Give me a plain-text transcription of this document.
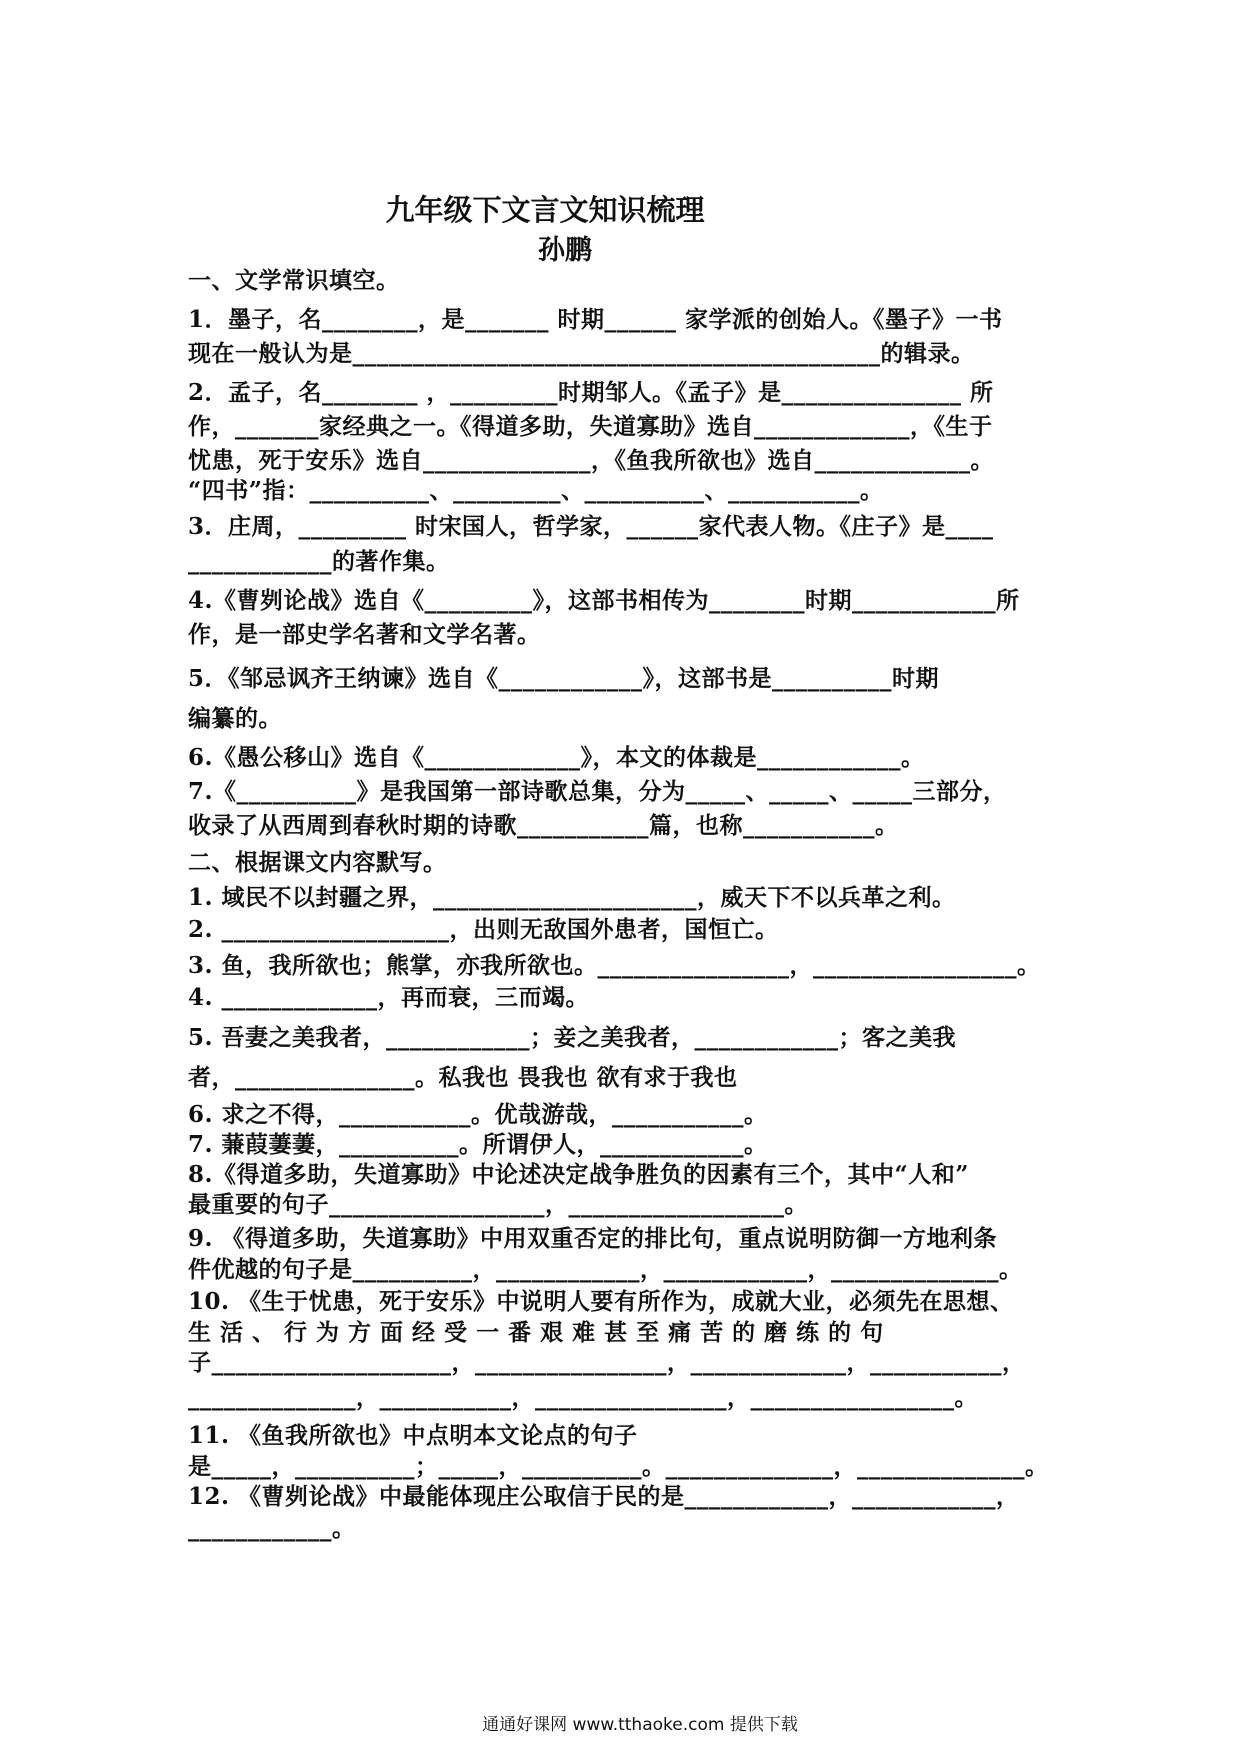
九年级下文言文知识梳理
孙鹏
一、文学常识填空。
1．墨子，名________，是_______ 时期______ 家学派的创始人。《墨子》一书
现在一般认为是____________________________________________的辑录。
2．孟子，名________ ，_________时期邹人。《孟子》是_______________ 所
作，_______家经典之一。《得道多助，失道寡助》选自_____________，《生于
忧患，死于安乐》选自______________，《鱼我所欲也》选自_____________。
“四书”指：__________、_________、__________、___________。
3．庄周，_________ 时宋国人，哲学家，______家代表人物。《庄子》是____
____________的著作集。
4.《曹刿论战》选自《_________》，这部书相传为________时期____________所
作，是一部史学名著和文学名著。
5．《邹忌讽齐王纳谏》选自《____________》，这部书是__________时期
编纂的。
6.《愚公移山》选自《_____________》，本文的体裁是____________。
7.《__________》是我国第一部诗歌总集，分为_____、_____、_____三部分，
收录了从西周到春秋时期的诗歌___________篇，也称___________。
二、根据课文内容默写。
1. 域民不以封疆之界，______________________，威天下不以兵革之利。
2. ___________________，出则无敌国外患者，国恒亡。
3. 鱼，我所欲也；熊掌，亦我所欲也。________________，_________________。
4. _____________，再而衰，三而竭。
5. 吾妻之美我者，____________；妾之美我者，____________；客之美我
者，_______________。私我也 畏我也 欲有求于我也
6. 求之不得，___________。优哉游哉，___________。
7. 蒹葭萋萋，__________。所谓伊人，____________。
8.《得道多助，失道寡助》中论述决定战争胜负的因素有三个，其中“人和”
最重要的句子__________________，__________________。
9. 《得道多助，失道寡助》中用双重否定的排比句，重点说明防御一方地利条
件优越的句子是__________，____________，____________，______________。
10. 《生于忧患，死于安乐》中说明人要有所作为，成就大业，必须先在思想、
生 活 、 行 为 方 面 经 受 一 番 艰 难 甚 至 痛 苦 的 磨 练 的 句
子____________________，________________，_____________，___________，
______________，___________，________________，_________________。
11. 《鱼我所欲也》中点明本文论点的句子
是_____，__________；_____，__________。______________，______________。
12. 《曹刿论战》中最能体现庄公取信于民的是____________，____________，
____________。
通通好课网 www.tthaoke.com 提供下载
